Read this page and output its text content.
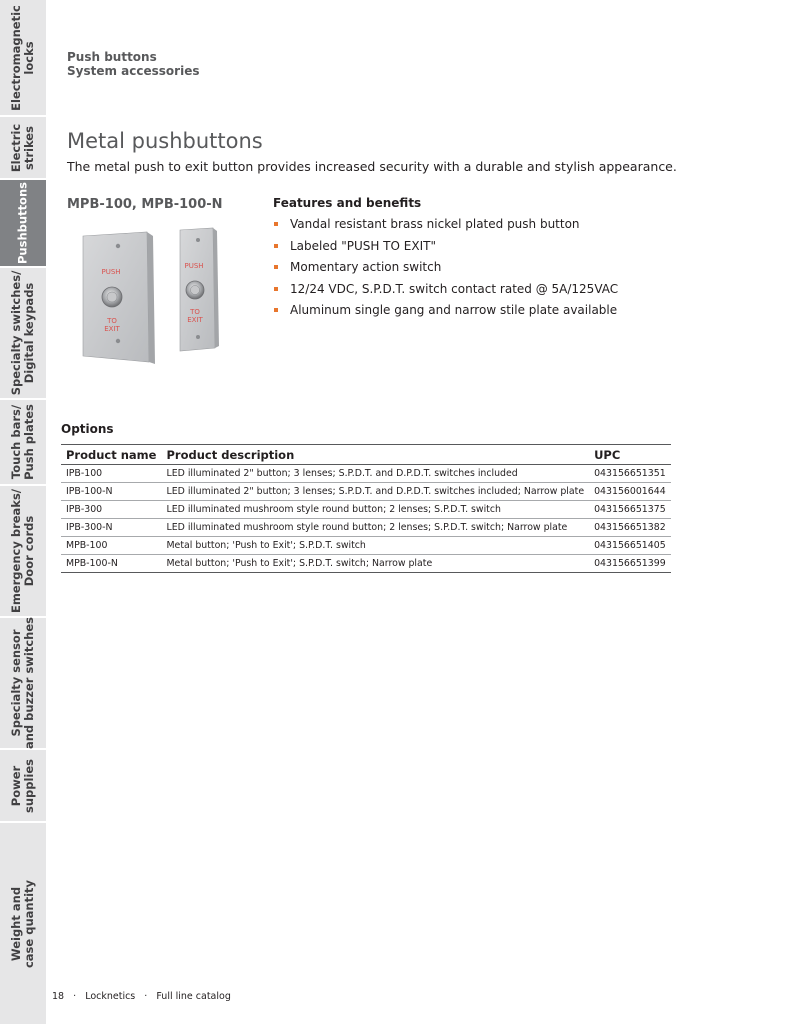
Electromagnetic
locks
Electric
strikes
Pushbuttons
Specialty switches/
Digital keypads
Touch bars/
Push plates
Emergency breaks/
Door cords
Specialty sensor
and buzzer switches
Power
supplies
Weight and
case quantity
Push buttons
System accessories
Metal pushbuttons
The metal push to exit button provides increased security with a durable and stylish appearance.
MPB-100, MPB-100-N
PUSH
TO
EXIT
PUSH
TO
EXIT
Features and benefits
Vandal resistant brass nickel plated push button
Labeled "PUSH TO EXIT"
Momentary action switch
12/24 VDC, S.P.D.T. switch contact rated @ 5A/125VAC
Aluminum single gang and narrow stile plate available
Options
Product name	Product description	UPC
IPB-100	LED illuminated 2" button; 3 lenses; S.P.D.T. and D.P.D.T. switches included	043156651351
IPB-100-N	LED illuminated 2" button; 3 lenses; S.P.D.T. and D.P.D.T. switches included; Narrow plate	043156001644
IPB-300	LED illuminated mushroom style round button; 2 lenses; S.P.D.T. switch	043156651375
IPB-300-N	LED illuminated mushroom style round button; 2 lenses; S.P.D.T. switch; Narrow plate	043156651382
MPB-100	Metal button; 'Push to Exit'; S.P.D.T. switch	043156651405
MPB-100-N	Metal button; 'Push to Exit'; S.P.D.T. switch; Narrow plate	043156651399
18 · Locknetics · Full line catalog
